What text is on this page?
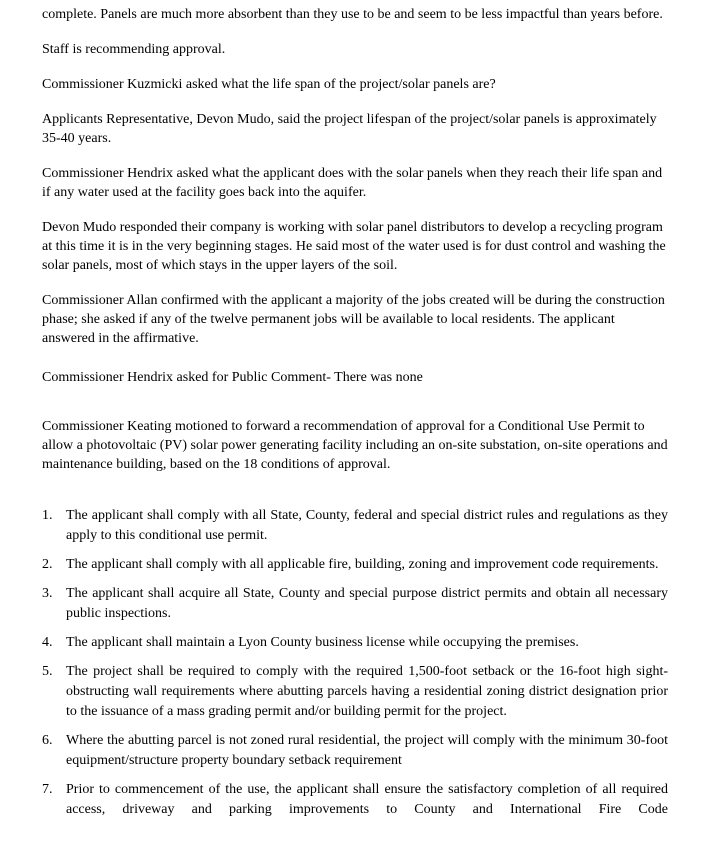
complete. Panels are much more absorbent than they use to be and seem to be less impactful than years before.

Staff is recommending approval.

Commissioner Kuzmicki asked what the life span of the project/solar panels are?

Applicants Representative, Devon Mudo, said the project lifespan of the project/solar panels is approximately 35-40 years.

Commissioner Hendrix asked what the applicant does with the solar panels when they reach their life span and if any water used at the facility goes back into the aquifer.

Devon Mudo responded their company is working with solar panel distributors to develop a recycling program at this time it is in the very beginning stages. He said most of the water used is for dust control and washing the solar panels, most of which stays in the upper layers of the soil.

Commissioner Allan confirmed with the applicant a majority of the jobs created will be during the construction phase; she asked if any of the twelve permanent jobs will be available to local residents. The applicant answered in the affirmative.

Commissioner Hendrix asked for Public Comment- There was none

Commissioner Keating motioned to forward a recommendation of approval for a Conditional Use Permit to allow a photovoltaic (PV) solar power generating facility including an on-site substation, on-site operations and maintenance building, based on the 18 conditions of approval.

1. The applicant shall comply with all State, County, federal and special district rules and regulations as they apply to this conditional use permit.
2. The applicant shall comply with all applicable fire, building, zoning and improvement code requirements.
3. The applicant shall acquire all State, County and special purpose district permits and obtain all necessary public inspections.
4. The applicant shall maintain a Lyon County business license while occupying the premises.
5. The project shall be required to comply with the required 1,500-foot setback or the 16-foot high sight-obstructing wall requirements where abutting parcels having a residential zoning district designation prior to the issuance of a mass grading permit and/or building permit for the project.
6. Where the abutting parcel is not zoned rural residential, the project will comply with the minimum 30-foot equipment/structure property boundary setback requirement
7. Prior to commencement of the use, the applicant shall ensure the satisfactory completion of all required access, driveway and parking improvements to County and International Fire Code
